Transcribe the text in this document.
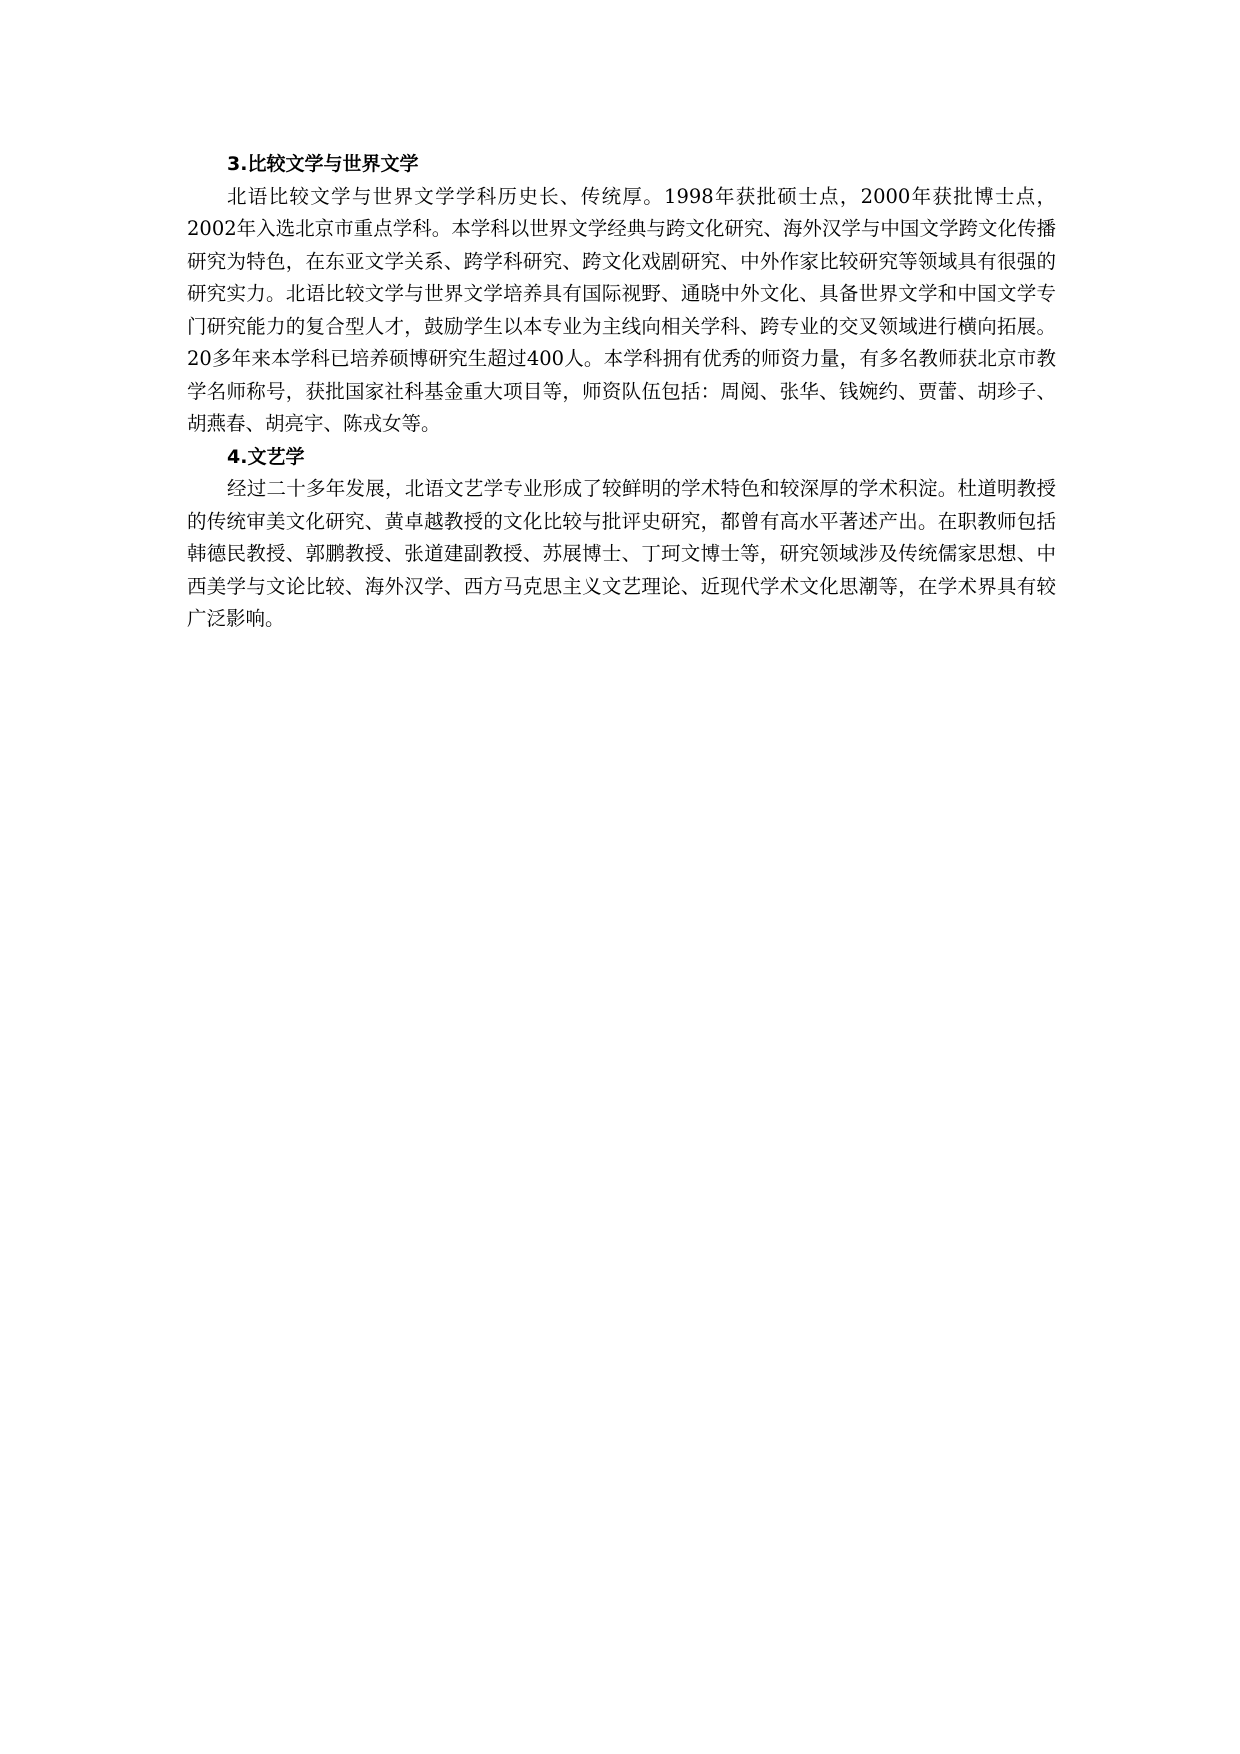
3.比较文学与世界文学

北语比较文学与世界文学学科历史长、传统厚。1998年获批硕士点，2000年获批博士点，2002年入选北京市重点学科。本学科以世界文学经典与跨文化研究、海外汉学与中国文学跨文化传播研究为特色，在东亚文学关系、跨学科研究、跨文化戏剧研究、中外作家比较研究等领域具有很强的研究实力。北语比较文学与世界文学培养具有国际视野、通晓中外文化、具备世界文学和中国文学专门研究能力的复合型人才，鼓励学生以本专业为主线向相关学科、跨专业的交叉领域进行横向拓展。20多年来本学科已培养硕博研究生超过400人。本学科拥有优秀的师资力量，有多名教师获北京市教学名师称号，获批国家社科基金重大项目等，师资队伍包括：周阅、张华、钱婉约、贾蕾、胡珍子、胡燕春、胡亮宇、陈戎女等。

4.文艺学

经过二十多年发展，北语文艺学专业形成了较鲜明的学术特色和较深厚的学术积淀。杜道明教授的传统审美文化研究、黄卓越教授的文化比较与批评史研究，都曾有高水平著述产出。在职教师包括韩德民教授、郭鹏教授、张道建副教授、苏展博士、丁珂文博士等，研究领域涉及传统儒家思想、中西美学与文论比较、海外汉学、西方马克思主义文艺理论、近现代学术文化思潮等，在学术界具有较广泛影响。
